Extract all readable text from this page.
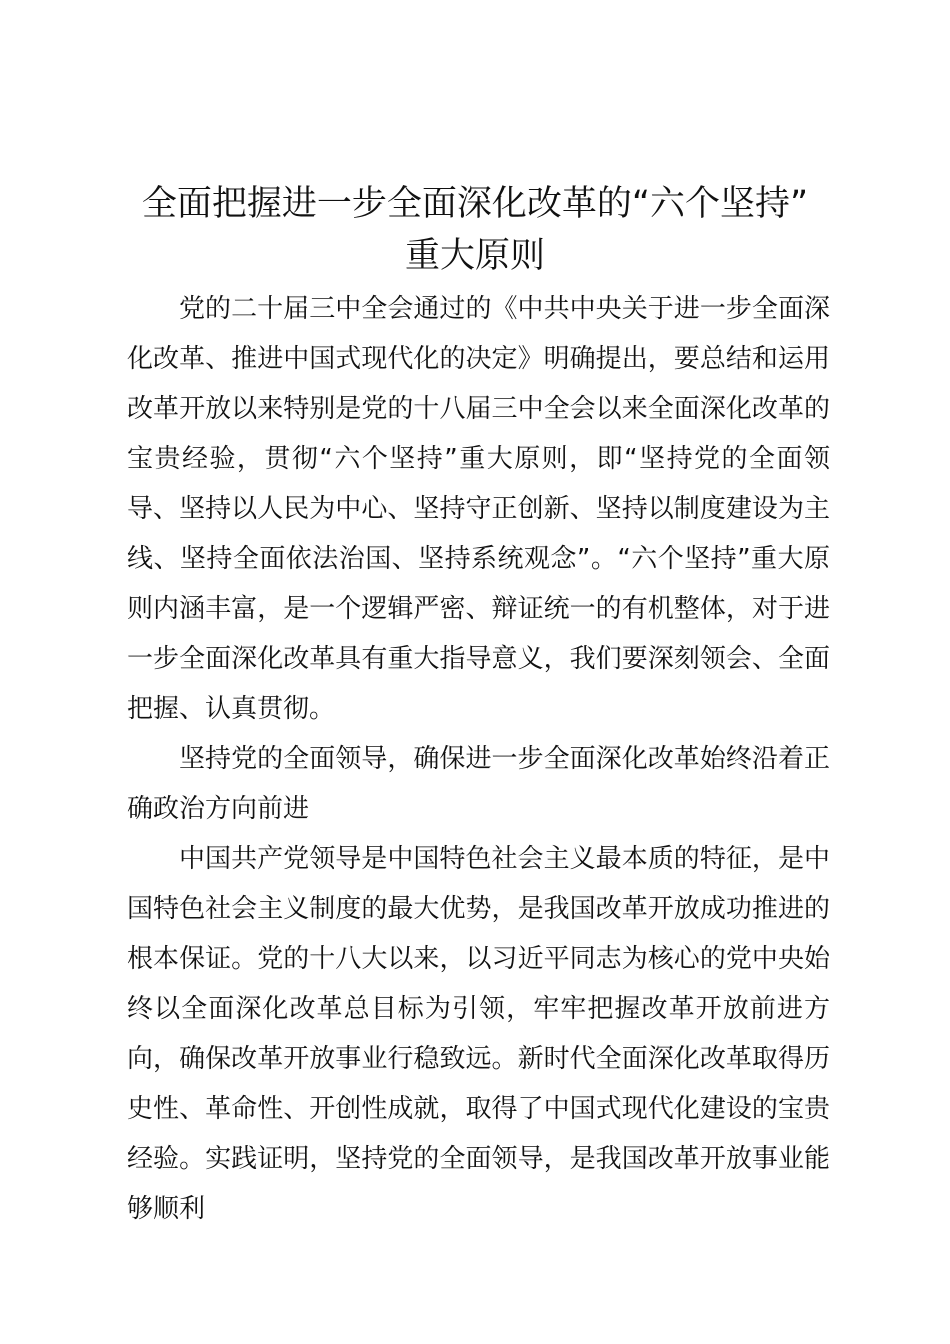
全面把握进一步全面深化改革的“六个坚持”
重大原则

党的二十届三中全会通过的《中共中央关于进一步全面深化改革、推进中国式现代化的决定》明确提出，要总结和运用改革开放以来特别是党的十八届三中全会以来全面深化改革的宝贵经验，贯彻“六个坚持”重大原则，即“坚持党的全面领导、坚持以人民为中心、坚持守正创新、坚持以制度建设为主线、坚持全面依法治国、坚持系统观念”。“六个坚持”重大原则内涵丰富，是一个逻辑严密、辩证统一的有机整体，对于进一步全面深化改革具有重大指导意义，我们要深刻领会、全面把握、认真贯彻。

坚持党的全面领导，确保进一步全面深化改革始终沿着正确政治方向前进

中国共产党领导是中国特色社会主义最本质的特征，是中国特色社会主义制度的最大优势，是我国改革开放成功推进的根本保证。党的十八大以来，以习近平同志为核心的党中央始终以全面深化改革总目标为引领，牢牢把握改革开放前进方向，确保改革开放事业行稳致远。新时代全面深化改革取得历史性、革命性、开创性成就，取得了中国式现代化建设的宝贵经验。实践证明，坚持党的全面领导，是我国改革开放事业能够顺利
